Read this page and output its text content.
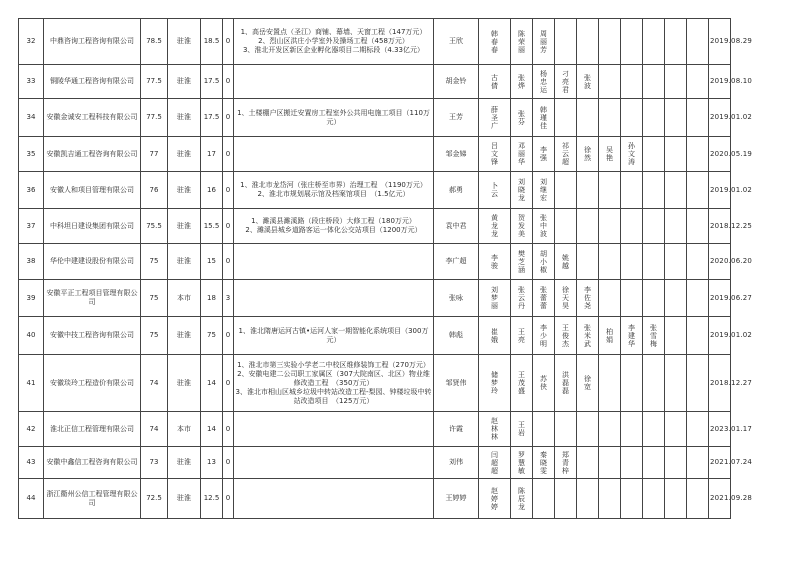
32	中鼎咨询工程咨询有限公司	78.5	驻淮	18.5	0	1、高岳安置点（圣江）商铺、幕墙、天窗工程（147万元）
2、烈山区洪庄小学室外及操场工程（458万元）
3、淮北开发区新区企业孵化器项目二期标段（4.33亿元）	王欣	韩春春	陈荣丽	周丽芳								2019.08.29
33	铜陵华通工程咨询有限公司	77.5	驻淮	17.5	0		胡金铃	古倩	张烨	杨忠运	刁亮君	张波						2019.08.10
34	安徽金诚安工程科技有限公司	77.5	驻淮	17.5	0	1、土楼棚户区搬迁安置房工程室外公共用电施工项目（110万元）	王芳	薛圣广	张芬	韩瑾佳								2019.01.02
35	安徽凯吉通工程咨询有限公司	77	驻淮	17	0		邹金娣	吕文锋	邓丽华	李强	祁云超	徐然	吴艳	孙文涛				2020.05.19
36	安徽人和项目管理有限公司	76	驻淮	16	0	1、淮北市龙岱河（张庄桥至市界）治理工程　（1190万元）
2、淮北市规划展示馆及档案馆项目　（1.5亿元）	郝勇	卜云	刘晓龙	刘继宏								2019.01.02
37	中科坦日建设集团有限公司	75.5	驻淮	15.5	0	1、濉溪县濉溪路（段庄桥段）大修工程（180万元）
2、濉溪县城乡道路客运一体化公交站项目（1200万元）	袁中君	黄龙龙	贺发美	张中波								2018.12.25
38	华伦中建建设股份有限公司	75	驻淮	15	0		李广超	李骏	樊芝涵	胡小椒	姚越							2020.06.20
39	安徽平正工程项目管理有限公司	75	本市	18	3		张咏	刘梦丽	张云丹	张蕾蕾	徐天昊	李佐尧						2019.06.27
40	安徽中技工程咨询有限公司	75	驻淮	75	0	1、淮北隋唐运河古镇•运河人家一期智能化系统项目（300万元）	韩彪	崔娥	王亮	李少明	王俊杰	张米武	柏娟	李建华	张雪梅			2019.01.02
41	安徽琰玲工程造价有限公司	74	驻淮	14	0	1、淮北市第三实验小学老二中校区维修装饰工程（270万元）
2、安徽电建二公司职工家属区（307大院南区、北区）物业维修改造工程　（350万元）
3、淮北市相山区城乡垃圾中转站改造工程-梨园、钟楼垃圾中转站改造项目　（125万元）	邹贤伟	储梦玲	王茂盛	苏侠	洪磊磊	徐宽						2018.12.27
42	淮北正信工程管理有限公司	74	本市	14	0		许霞	赵林林	王岩									2023.01.17
43	安徽中鑫信工程咨询有限公司	73	驻淮	13	0		刘伟	闫超超	罗慧敏	秦晓雯	郑青梓							2021.07.24
44	浙江衢州公信工程管理有限公司	72.5	驻淮	12.5	0		王婷婷	赵婷婷	陈辰龙									2021.09.28
